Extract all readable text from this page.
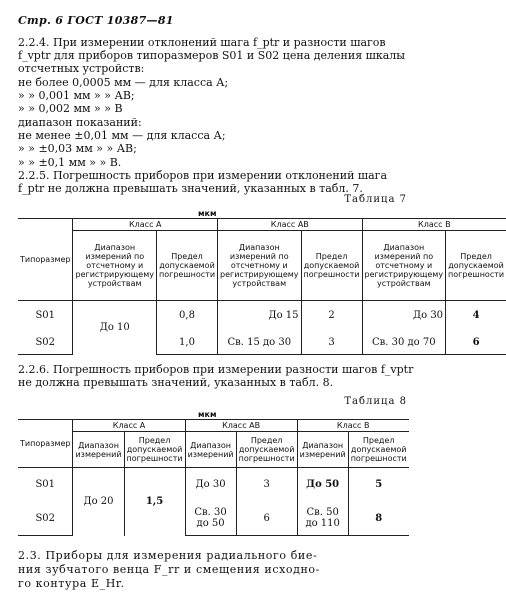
Стр. 6 ГОСТ 10387—81
2.2.4. При измерении отклонений шага f_ptr и разности шагов
f_vptr для приборов типоразмеров S01 и S02 цена деления шкалы
отсчетных устройств:
не более 0,0005 мм — для класса А;
» » 0,001 мм » » АВ;
» » 0,002 мм » » В
диапазон показаний:
не менее ±0,01 мм — для класса А;
» » ±0,03 мм » » АВ;
» » ±0,1 мм » » В.
2.2.5. Погрешность приборов при измерении отклонений шага
f_ptr не должна превышать значений, указанных в табл. 7.
Таблица 7
мкм
Типоразмер	Класс А		Класс АВ		Класс В	
	Диапазон измерений по отсчетному и регистрирующему устройствам	Предел допускаемой погрешности	Диапазон измерений по отсчетному и регистрирующему устройствам	Предел допускаемой погрешности	Диапазон измерений по отсчетному и регистрирующему устройствам	Предел допускаемой погрешности
S01	До 10	0,8	До 15	2	До 30	4
S02		1,0	Св. 15 до 30	3	Св. 30 до 70	6
2.2.6. Погрешность приборов при измерении разности шагов f_vptr
не должна превышать значений, указанных в табл. 8.
Таблица 8
мкм
Типоразмер	Класс А		Класс АВ		Класс В	
	Диапазон измерений	Предел допускаемой погрешности	Диапазон измерений	Предел допускаемой погрешности	Диапазон измерений	Предел допускаемой погрешности
S01	До 20	1,5	До 30	3	До 50	5
S02			Св. 30 до 50	6	Св. 50 до 110	8
2.3. Приборы для измерения радиального бие-
ния зубчатого венца F_rr и смещения исходно-
го контура E_Hr.
